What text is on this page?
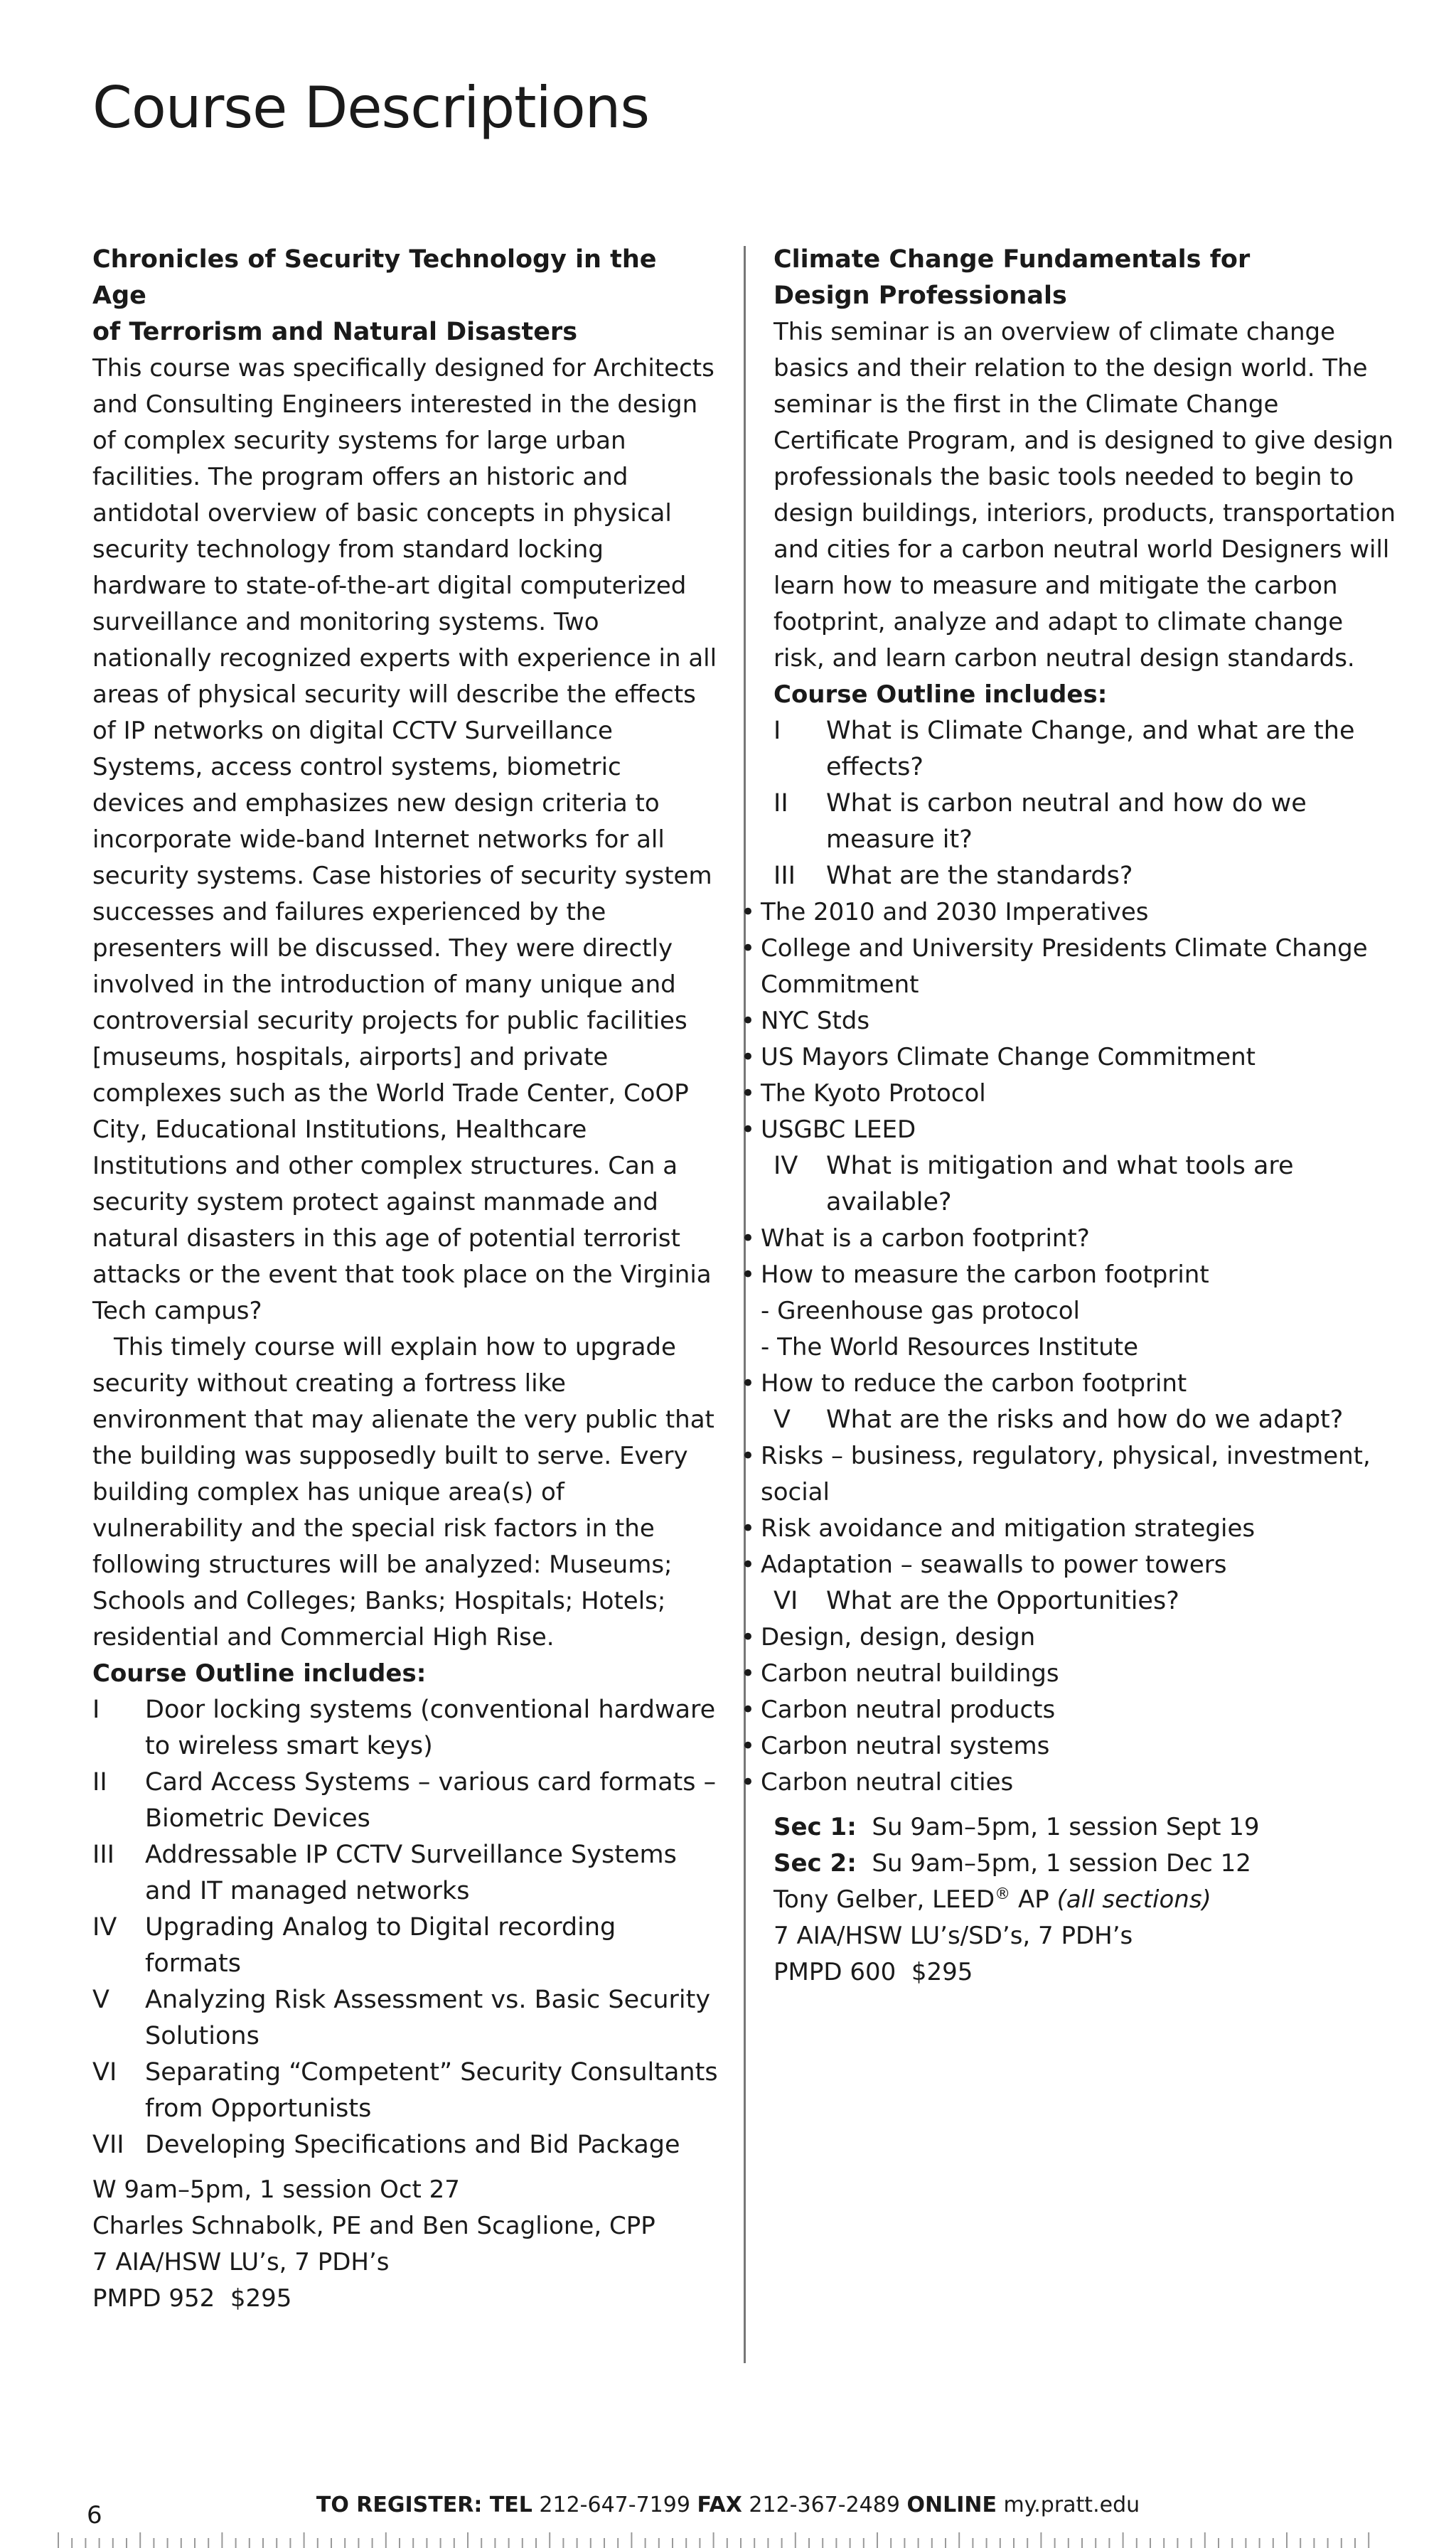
Course Descriptions
Chronicles of Security Technology in the Age
of Terrorism and Natural Disasters

This course was specifically designed for Architects and Consulting Engineers interested in the design of complex security systems for large urban facilities. The program offers an historic and antidotal overview of basic concepts in physical security technology from standard locking hardware to state-of-the-art digital computerized surveillance and monitoring systems. Two nationally recognized experts with experience in all areas of physical security will describe the effects of IP networks on digital CCTV Surveillance Systems, access control systems, biometric devices and emphasizes new design criteria to incorporate wide-band Internet networks for all security systems. Case histories of security system successes and failures experienced by the presenters will be discussed. They were directly involved in the introduction of many unique and controversial security projects for public facilities [museums, hospitals, airports] and private complexes such as the World Trade Center, CoOP City, Educational Institutions, Healthcare Institutions and other complex structures. Can a security system protect against manmade and natural disasters in this age of potential terrorist attacks or the event that took place on the Virginia Tech campus?

This timely course will explain how to upgrade security without creating a fortress like environment that may alienate the very public that the building was supposedly built to serve. Every building complex has unique area(s) of vulnerability and the special risk factors in the following structures will be analyzed: Museums; Schools and Colleges; Banks; Hospitals; Hotels; residential and Commercial High Rise.

Course Outline includes:
I Door locking systems (conventional hardware to wireless smart keys)
II Card Access Systems – various card formats – Biometric Devices
III Addressable IP CCTV Surveillance Systems and IT managed networks
IV Upgrading Analog to Digital recording formats
V Analyzing Risk Assessment vs. Basic Security Solutions
VI Separating “Competent” Security Consultants from Opportunists
VII Developing Specifications and Bid Package
W 9am–5pm, 1 session Oct 27
Charles Schnabolk, PE and Ben Scaglione, CPP
7 AIA/HSW LU’s, 7 PDH’s
PMPD 952  $295
Climate Change Fundamentals for
Design Professionals

This seminar is an overview of climate change basics and their relation to the design world. The seminar is the first in the Climate Change Certificate Program, and is designed to give design professionals the basic tools needed to begin to design buildings, interiors, products, transportation and cities for a carbon neutral world Designers will learn how to measure and mitigate the carbon footprint, analyze and adapt to climate change risk, and learn carbon neutral design standards.

Course Outline includes:
I What is Climate Change, and what are the effects?
II What is carbon neutral and how do we measure it?
III What are the standards?
• The 2010 and 2030 Imperatives
• College and University Presidents Climate Change Commitment
• NYC Stds
• US Mayors Climate Change Commitment
• The Kyoto Protocol
• USGBC LEED
IV What is mitigation and what tools are available?
• What is a carbon footprint?
• How to measure the carbon footprint
- Greenhouse gas protocol
- The World Resources Institute
• How to reduce the carbon footprint
V What are the risks and how do we adapt?
• Risks – business, regulatory, physical, investment, social
• Risk avoidance and mitigation strategies
• Adaptation – seawalls to power towers
VI What are the Opportunities?
• Design, design, design
• Carbon neutral buildings
• Carbon neutral products
• Carbon neutral systems
• Carbon neutral cities
Sec 1: Su 9am–5pm, 1 session Sept 19
Sec 2: Su 9am–5pm, 1 session Dec 12
Tony Gelber, LEED® AP (all sections)
7 AIA/HSW LU’s/SD’s, 7 PDH’s
PMPD 600  $295
TO REGISTER: TEL 212-647-7199 FAX 212-367-2489 ONLINE my.pratt.edu
6
